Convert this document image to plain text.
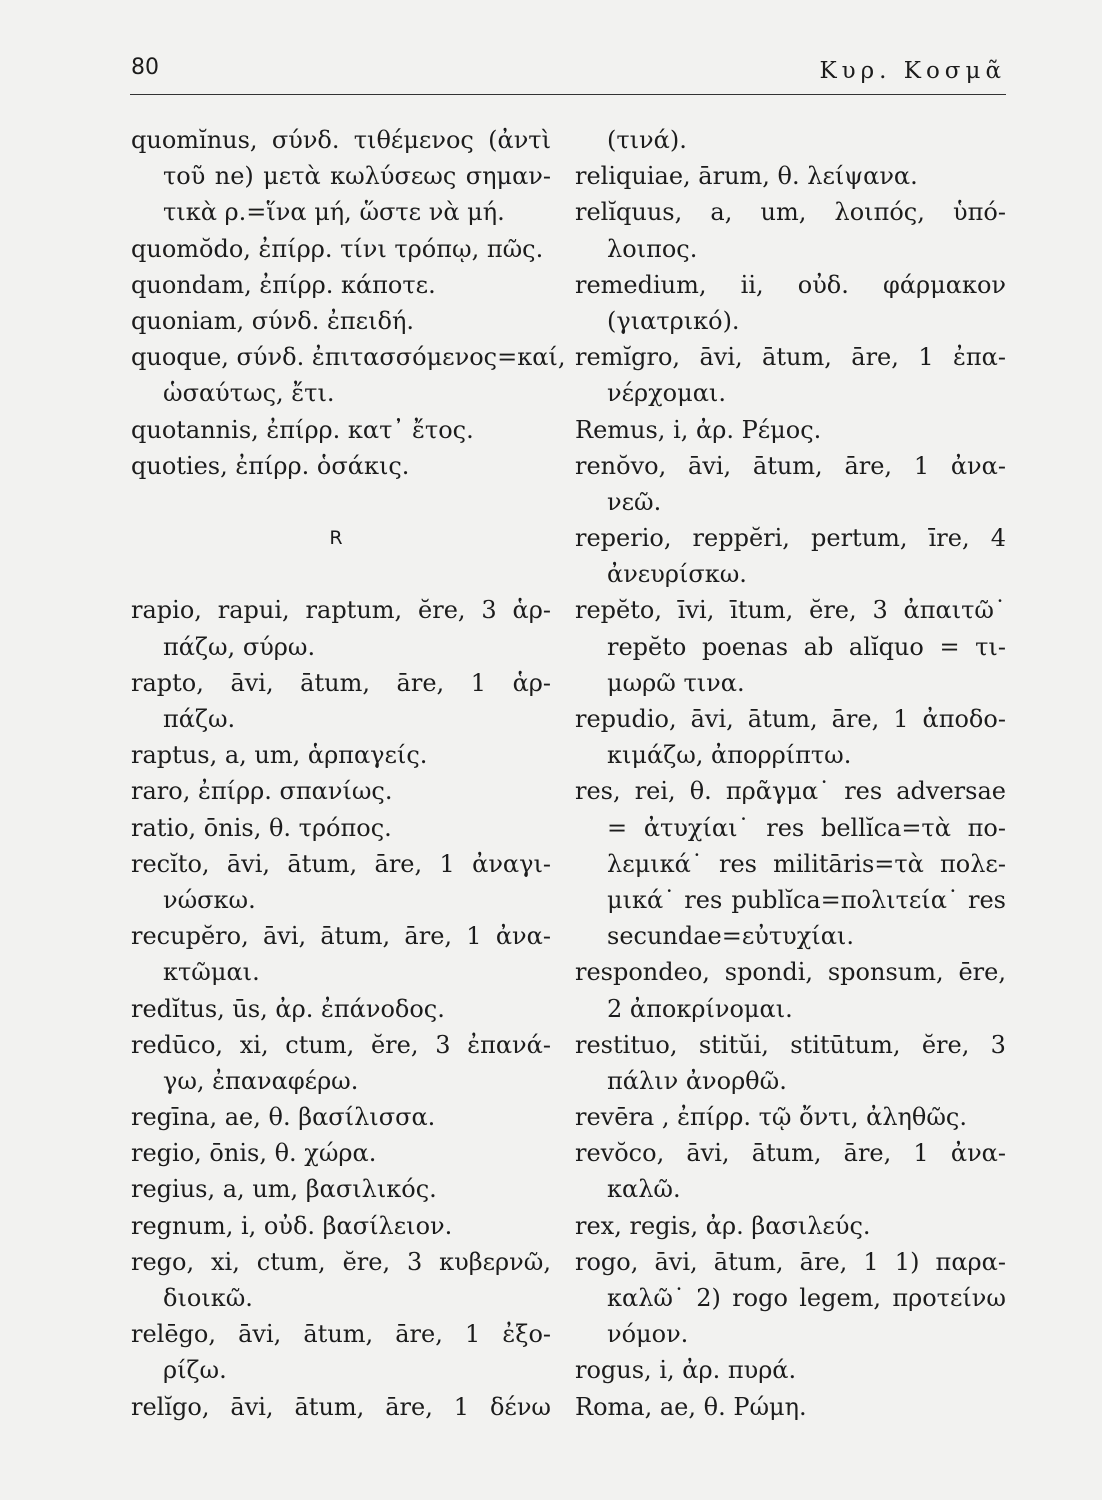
80	Κυρ. Κοσμᾶ
quomĭnus, σύνδ. τιθέμενος (ἀντὶ
τοῦ ne) μετὰ κωλύσεως σημαν-
τικὰ ρ.=ἵνα μή, ὥστε νὰ μή.
quomŏdo, ἐπίρρ. τίνι τρόπῳ, πῶς.
quondam, ἐπίρρ. κάποτε.
quoniam, σύνδ. ἐπειδή.
quoque, σύνδ. ἐπιτασσόμενος=καί,
ὡσαύτως, ἔτι.
quotannis, ἐπίρρ. κατ᾽ ἔτος.
quoties, ἐπίρρ. ὁσάκις.
R
rapio, rapui, raptum, ĕre, 3 ἁρ-
πάζω, σύρω.
rapto, āvi, ātum, āre, 1 ἁρ-
πάζω.
raptus, a, um, ἁρπαγείς.
raro, ἐπίρρ. σπανίως.
ratio, ōnis, θ. τρόπος.
recĭto, āvi, ātum, āre, 1 ἀναγι-
νώσκω.
recupĕro, āvi, ātum, āre, 1 ἀνα-
κτῶμαι.
redĭtus, ūs, ἀρ. ἐπάνοδος.
redūco, xi, ctum, ĕre, 3 ἐπανά-
γω, ἐπαναφέρω.
regīna, ae, θ. βασίλισσα.
regio, ōnis, θ. χώρα.
regius, a, um, βασιλικός.
regnum, i, οὐδ. βασίλειον.
rego, xi, ctum, ĕre, 3 κυβερνῶ,
διοικῶ.
relēgo, āvi, ātum, āre, 1 ἐξο-
ρίζω.
relĭgo, āvi, ātum, āre, 1 δένω
(τινά).
reliquiae, ārum, θ. λείψανα.
relĭquus, a, um, λοιπός, ὑπό-
λοιπος.
remedium, ii, οὐδ. φάρμακον
(γιατρικό).
remĭgro, āvi, ātum, āre, 1 ἐπα-
νέρχομαι.
Remus, i, ἀρ. Ρέμος.
renŏvo, āvi, ātum, āre, 1 ἀνα-
νεῶ.
reperio, reppĕri, pertum, īre, 4
ἀνευρίσκω.
repĕto, īvi, ītum, ĕre, 3 ἀπαιτῶ˙
repĕto poenas ab alĭquo = τι-
μωρῶ τινα.
repudio, āvi, ātum, āre, 1 ἀποδο-
κιμάζω, ἀπορρίπτω.
res, rei, θ. πρᾶγμα˙ res adversae
= ἀτυχίαι˙ res bellĭca=τὰ πο-
λεμικά˙ res militāris=τὰ πολε-
μικά˙ res publĭca=πολιτεία˙ res
secundae=εὐτυχίαι.
respondeo, spondi, sponsum, ēre,
2 ἀποκρίνομαι.
restituo, stitŭi, stitūtum, ĕre, 3
πάλιν ἀνορθῶ.
revēra , ἐπίρρ. τῷ ὄντι, ἀληθῶς.
revŏco, āvi, ātum, āre, 1 ἀνα-
καλῶ.
rex, regis, ἀρ. βασιλεύς.
rogo, āvi, ātum, āre, 1 1) παρα-
καλῶ˙ 2) rogo legem, προτείνω
νόμον.
rogus, i, ἀρ. πυρά.
Roma, ae, θ. Ρώμη.
